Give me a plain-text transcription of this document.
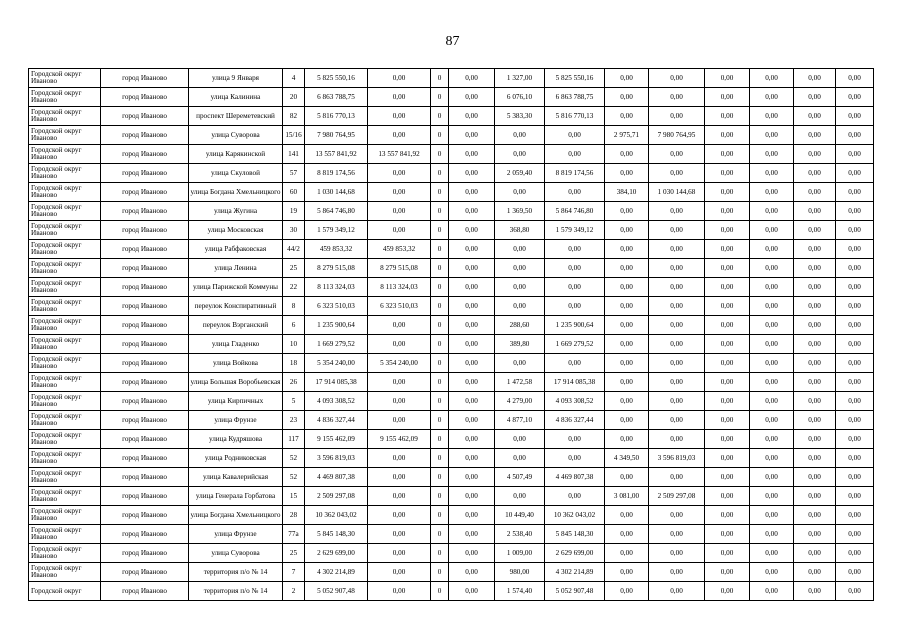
87
Городской округ Иваново	город Иваново	улица 9 Января	4	5 825 550,16	0,00	0	0,00	1 327,00	5 825 550,16	0,00	0,00	0,00	0,00	0,00	0,00
Городской округ Иваново	город Иваново	улица Калинина	20	6 863 788,75	0,00	0	0,00	6 076,10	6 863 788,75	0,00	0,00	0,00	0,00	0,00	0,00
Городской округ Иваново	город Иваново	проспект Шереметевский	82	5 816 770,13	0,00	0	0,00	5 383,30	5 816 770,13	0,00	0,00	0,00	0,00	0,00	0,00
Городской округ Иваново	город Иваново	улица Суворова	15/16	7 980 764,95	0,00	0	0,00	0,00	0,00	2 975,71	7 980 764,95	0,00	0,00	0,00	0,00
Городской округ Иваново	город Иваново	улица Карякинской	141	13 557 841,92	13 557 841,92	0	0,00	0,00	0,00	0,00	0,00	0,00	0,00	0,00	0,00
Городской округ Иваново	город Иваново	улица Скуловой	57	8 819 174,56	0,00	0	0,00	2 059,40	8 819 174,56	0,00	0,00	0,00	0,00	0,00	0,00
Городской округ Иваново	город Иваново	улица Богдана Хмельницкого	60	1 030 144,68	0,00	0	0,00	0,00	0,00	384,10	1 030 144,68	0,00	0,00	0,00	0,00
Городской округ Иваново	город Иваново	улица Жугина	19	5 864 746,80	0,00	0	0,00	1 369,50	5 864 746,80	0,00	0,00	0,00	0,00	0,00	0,00
Городской округ Иваново	город Иваново	улица Московская	30	1 579 349,12	0,00	0	0,00	368,80	1 579 349,12	0,00	0,00	0,00	0,00	0,00	0,00
Городской округ Иваново	город Иваново	улица Рабфаковская	44/2	459 853,32	459 853,32	0	0,00	0,00	0,00	0,00	0,00	0,00	0,00	0,00	0,00
Городской округ Иваново	город Иваново	улица Ленина	25	8 279 515,08	8 279 515,08	0	0,00	0,00	0,00	0,00	0,00	0,00	0,00	0,00	0,00
Городской округ Иваново	город Иваново	улица Парижской Коммуны	22	8 113 324,03	8 113 324,03	0	0,00	0,00	0,00	0,00	0,00	0,00	0,00	0,00	0,00
Городской округ Иваново	город Иваново	переулок Конспиративный	8	6 323 510,03	6 323 510,03	0	0,00	0,00	0,00	0,00	0,00	0,00	0,00	0,00	0,00
Городской округ Иваново	город Иваново	переулок Вэрганский	6	1 235 900,64	0,00	0	0,00	288,60	1 235 900,64	0,00	0,00	0,00	0,00	0,00	0,00
Городской округ Иваново	город Иваново	улица Гладенко	10	1 669 279,52	0,00	0	0,00	389,80	1 669 279,52	0,00	0,00	0,00	0,00	0,00	0,00
Городской округ Иваново	город Иваново	улица Войкова	18	5 354 240,00	5 354 240,00	0	0,00	0,00	0,00	0,00	0,00	0,00	0,00	0,00	0,00
Городской округ Иваново	город Иваново	улица Большая Воробьевская	26	17 914 085,38	0,00	0	0,00	1 472,58	17 914 085,38	0,00	0,00	0,00	0,00	0,00	0,00
Городской округ Иваново	город Иваново	улица Кирпичных	5	4 093 308,52	0,00	0	0,00	4 279,00	4 093 308,52	0,00	0,00	0,00	0,00	0,00	0,00
Городской округ Иваново	город Иваново	улица Фрунзе	23	4 836 327,44	0,00	0	0,00	4 877,10	4 836 327,44	0,00	0,00	0,00	0,00	0,00	0,00
Городской округ Иваново	город Иваново	улица Кудряшова	117	9 155 462,09	9 155 462,09	0	0,00	0,00	0,00	0,00	0,00	0,00	0,00	0,00	0,00
Городской округ Иваново	город Иваново	улица Родниковская	52	3 596 819,03	0,00	0	0,00	0,00	0,00	4 349,50	3 596 819,03	0,00	0,00	0,00	0,00
Городской округ Иваново	город Иваново	улица Кавалерийская	52	4 469 807,38	0,00	0	0,00	4 507,49	4 469 807,38	0,00	0,00	0,00	0,00	0,00	0,00
Городской округ Иваново	город Иваново	улица Генерала Горбатова	15	2 509 297,08	0,00	0	0,00	0,00	0,00	3 081,00	2 509 297,08	0,00	0,00	0,00	0,00
Городской округ Иваново	город Иваново	улица Богдана Хмельницкого	28	10 362 043,02	0,00	0	0,00	10 449,40	10 362 043,02	0,00	0,00	0,00	0,00	0,00	0,00
Городской округ Иваново	город Иваново	улица Фрунзе	77а	5 845 148,30	0,00	0	0,00	2 538,40	5 845 148,30	0,00	0,00	0,00	0,00	0,00	0,00
Городской округ Иваново	город Иваново	улица Суворова	25	2 629 699,00	0,00	0	0,00	1 009,00	2 629 699,00	0,00	0,00	0,00	0,00	0,00	0,00
Городской округ Иваново	город Иваново	территория п/о № 14	7	4 302 214,89	0,00	0	0,00	980,00	4 302 214,89	0,00	0,00	0,00	0,00	0,00	0,00
Городской округ	город Иваново	территория п/о № 14	2	5 052 907,48	0,00	0	0,00	1 574,40	5 052 907,48	0,00	0,00	0,00	0,00	0,00	0,00
